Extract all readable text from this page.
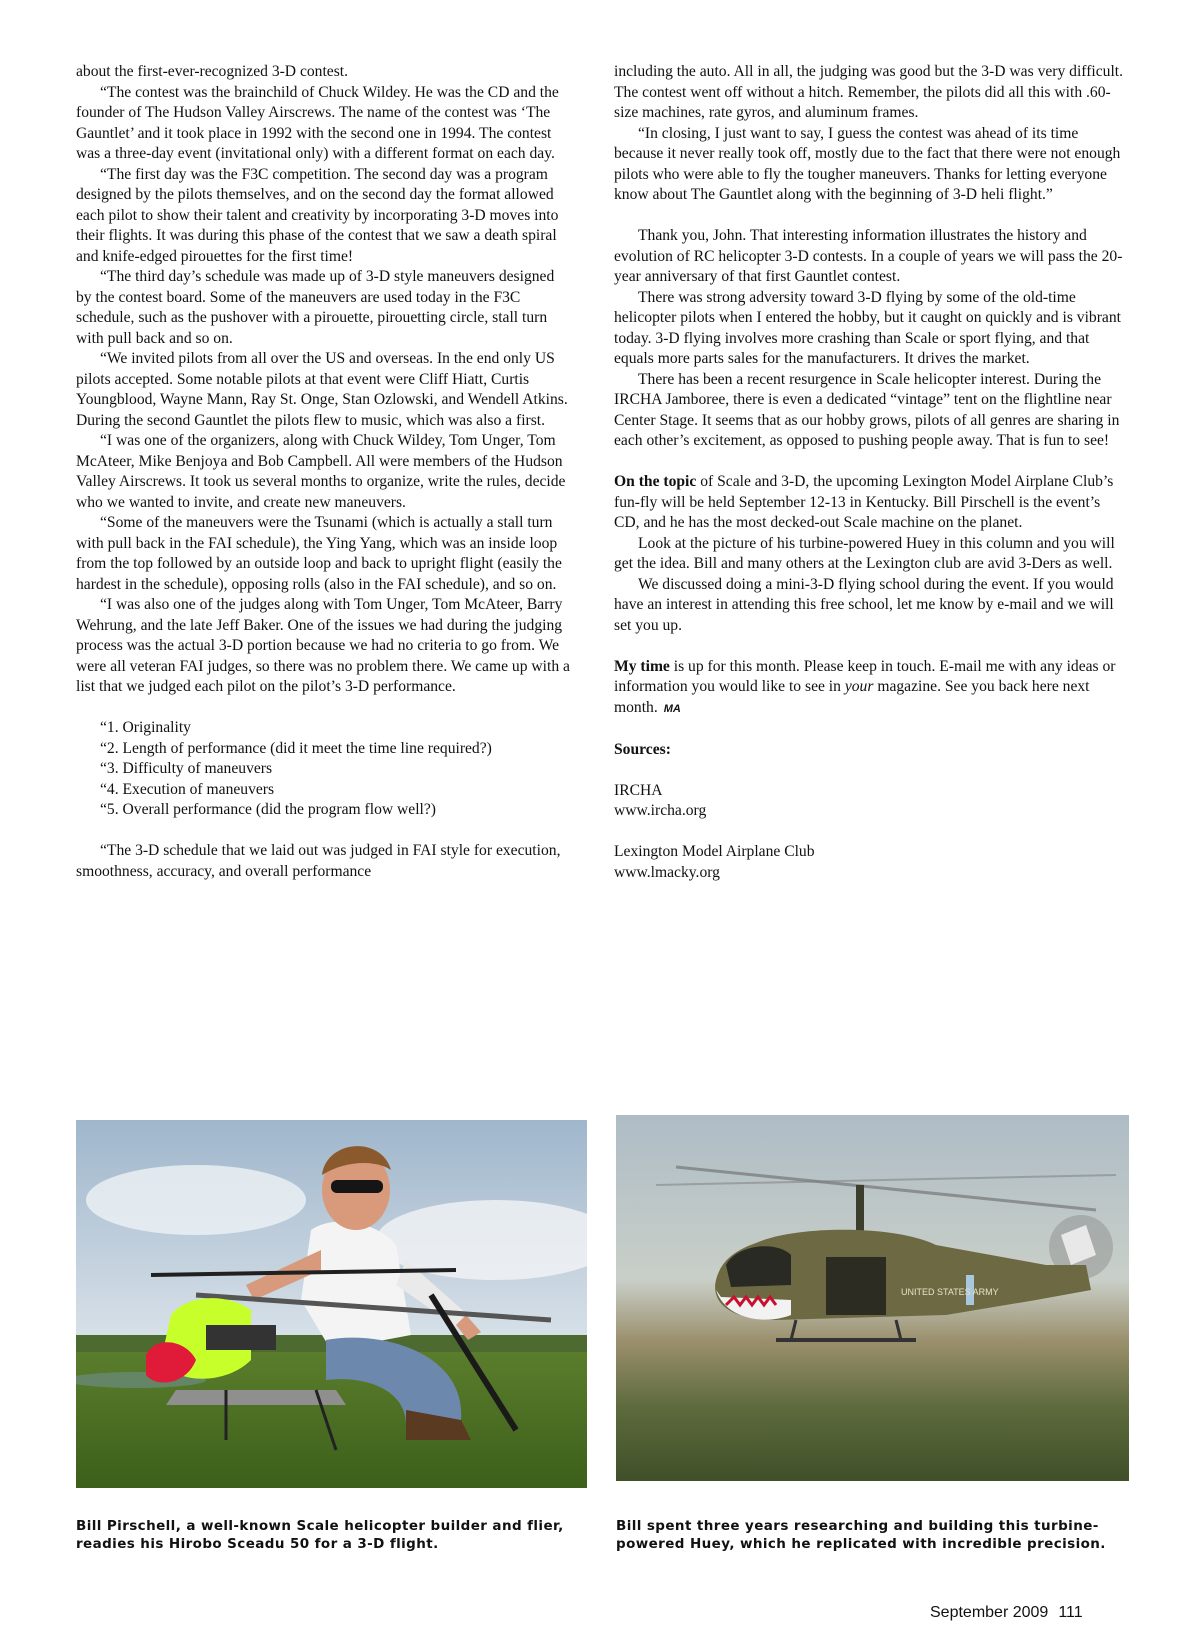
about the first-ever-recognized 3-D contest.

“The contest was the brainchild of Chuck Wildey. He was the CD and the founder of The Hudson Valley Airscrews. The name of the contest was ‘The Gauntlet’ and it took place in 1992 with the second one in 1994. The contest was a three-day event (invitational only) with a different format on each day.

“The first day was the F3C competition. The second day was a program designed by the pilots themselves, and on the second day the format allowed each pilot to show their talent and creativity by incorporating 3-D moves into their flights. It was during this phase of the contest that we saw a death spiral and knife-edged pirouettes for the first time!

“The third day’s schedule was made up of 3-D style maneuvers designed by the contest board. Some of the maneuvers are used today in the F3C schedule, such as the pushover with a pirouette, pirouetting circle, stall turn with pull back and so on.

“We invited pilots from all over the US and overseas. In the end only US pilots accepted. Some notable pilots at that event were Cliff Hiatt, Curtis Youngblood, Wayne Mann, Ray St. Onge, Stan Ozlowski, and Wendell Atkins. During the second Gauntlet the pilots flew to music, which was also a first.

“I was one of the organizers, along with Chuck Wildey, Tom Unger, Tom McAteer, Mike Benjoya and Bob Campbell. All were members of the Hudson Valley Airscrews. It took us several months to organize, write the rules, decide who we wanted to invite, and create new maneuvers.

“Some of the maneuvers were the Tsunami (which is actually a stall turn with pull back in the FAI schedule), the Ying Yang, which was an inside loop from the top followed by an outside loop and back to upright flight (easily the hardest in the schedule), opposing rolls (also in the FAI schedule), and so on.

“I was also one of the judges along with Tom Unger, Tom McAteer, Barry Wehrung, and the late Jeff Baker. One of the issues we had during the judging process was the actual 3-D portion because we had no criteria to go from. We were all veteran FAI judges, so there was no problem there. We came up with a list that we judged each pilot on the pilot’s 3-D performance.

“1. Originality
“2. Length of performance (did it meet the time line required?)
“3. Difficulty of maneuvers
“4. Execution of maneuvers
“5. Overall performance (did the program flow well?)

“The 3-D schedule that we laid out was judged in FAI style for execution, smoothness, accuracy, and overall performance

including the auto. All in all, the judging was good but the 3-D was very difficult. The contest went off without a hitch. Remember, the pilots did all this with .60-size machines, rate gyros, and aluminum frames.

“In closing, I just want to say, I guess the contest was ahead of its time because it never really took off, mostly due to the fact that there were not enough pilots who were able to fly the tougher maneuvers. Thanks for letting everyone know about The Gauntlet along with the beginning of 3-D heli flight.”

Thank you, John. That interesting information illustrates the history and evolution of RC helicopter 3-D contests. In a couple of years we will pass the 20-year anniversary of that first Gauntlet contest.

There was strong adversity toward 3-D flying by some of the old-time helicopter pilots when I entered the hobby, but it caught on quickly and is vibrant today. 3-D flying involves more crashing than Scale or sport flying, and that equals more parts sales for the manufacturers. It drives the market.

There has been a recent resurgence in Scale helicopter interest. During the IRCHA Jamboree, there is even a dedicated “vintage” tent on the flightline near Center Stage. It seems that as our hobby grows, pilots of all genres are sharing in each other’s excitement, as opposed to pushing people away. That is fun to see!

On the topic of Scale and 3-D, the upcoming Lexington Model Airplane Club’s fun-fly will be held September 12-13 in Kentucky. Bill Pirschell is the event’s CD, and he has the most decked-out Scale machine on the planet.

Look at the picture of his turbine-powered Huey in this column and you will get the idea. Bill and many others at the Lexington club are avid 3-Ders as well.

We discussed doing a mini-3-D flying school during the event. If you would have an interest in attending this free school, let me know by e-mail and we will set you up.

My time is up for this month. Please keep in touch. E-mail me with any ideas or information you would like to see in your magazine. See you back here next month. MA

Sources:

IRCHA

www.ircha.org

Lexington Model Airplane Club

www.lmacky.org

UNITED STATES ARMY
Bill Pirschell, a well-known Scale helicopter builder and flier, readies his Hirobo Sceadu 50 for a 3-D flight.
Bill spent three years researching and building this turbine-powered Huey, which he replicated with incredible precision.
September 2009 111
